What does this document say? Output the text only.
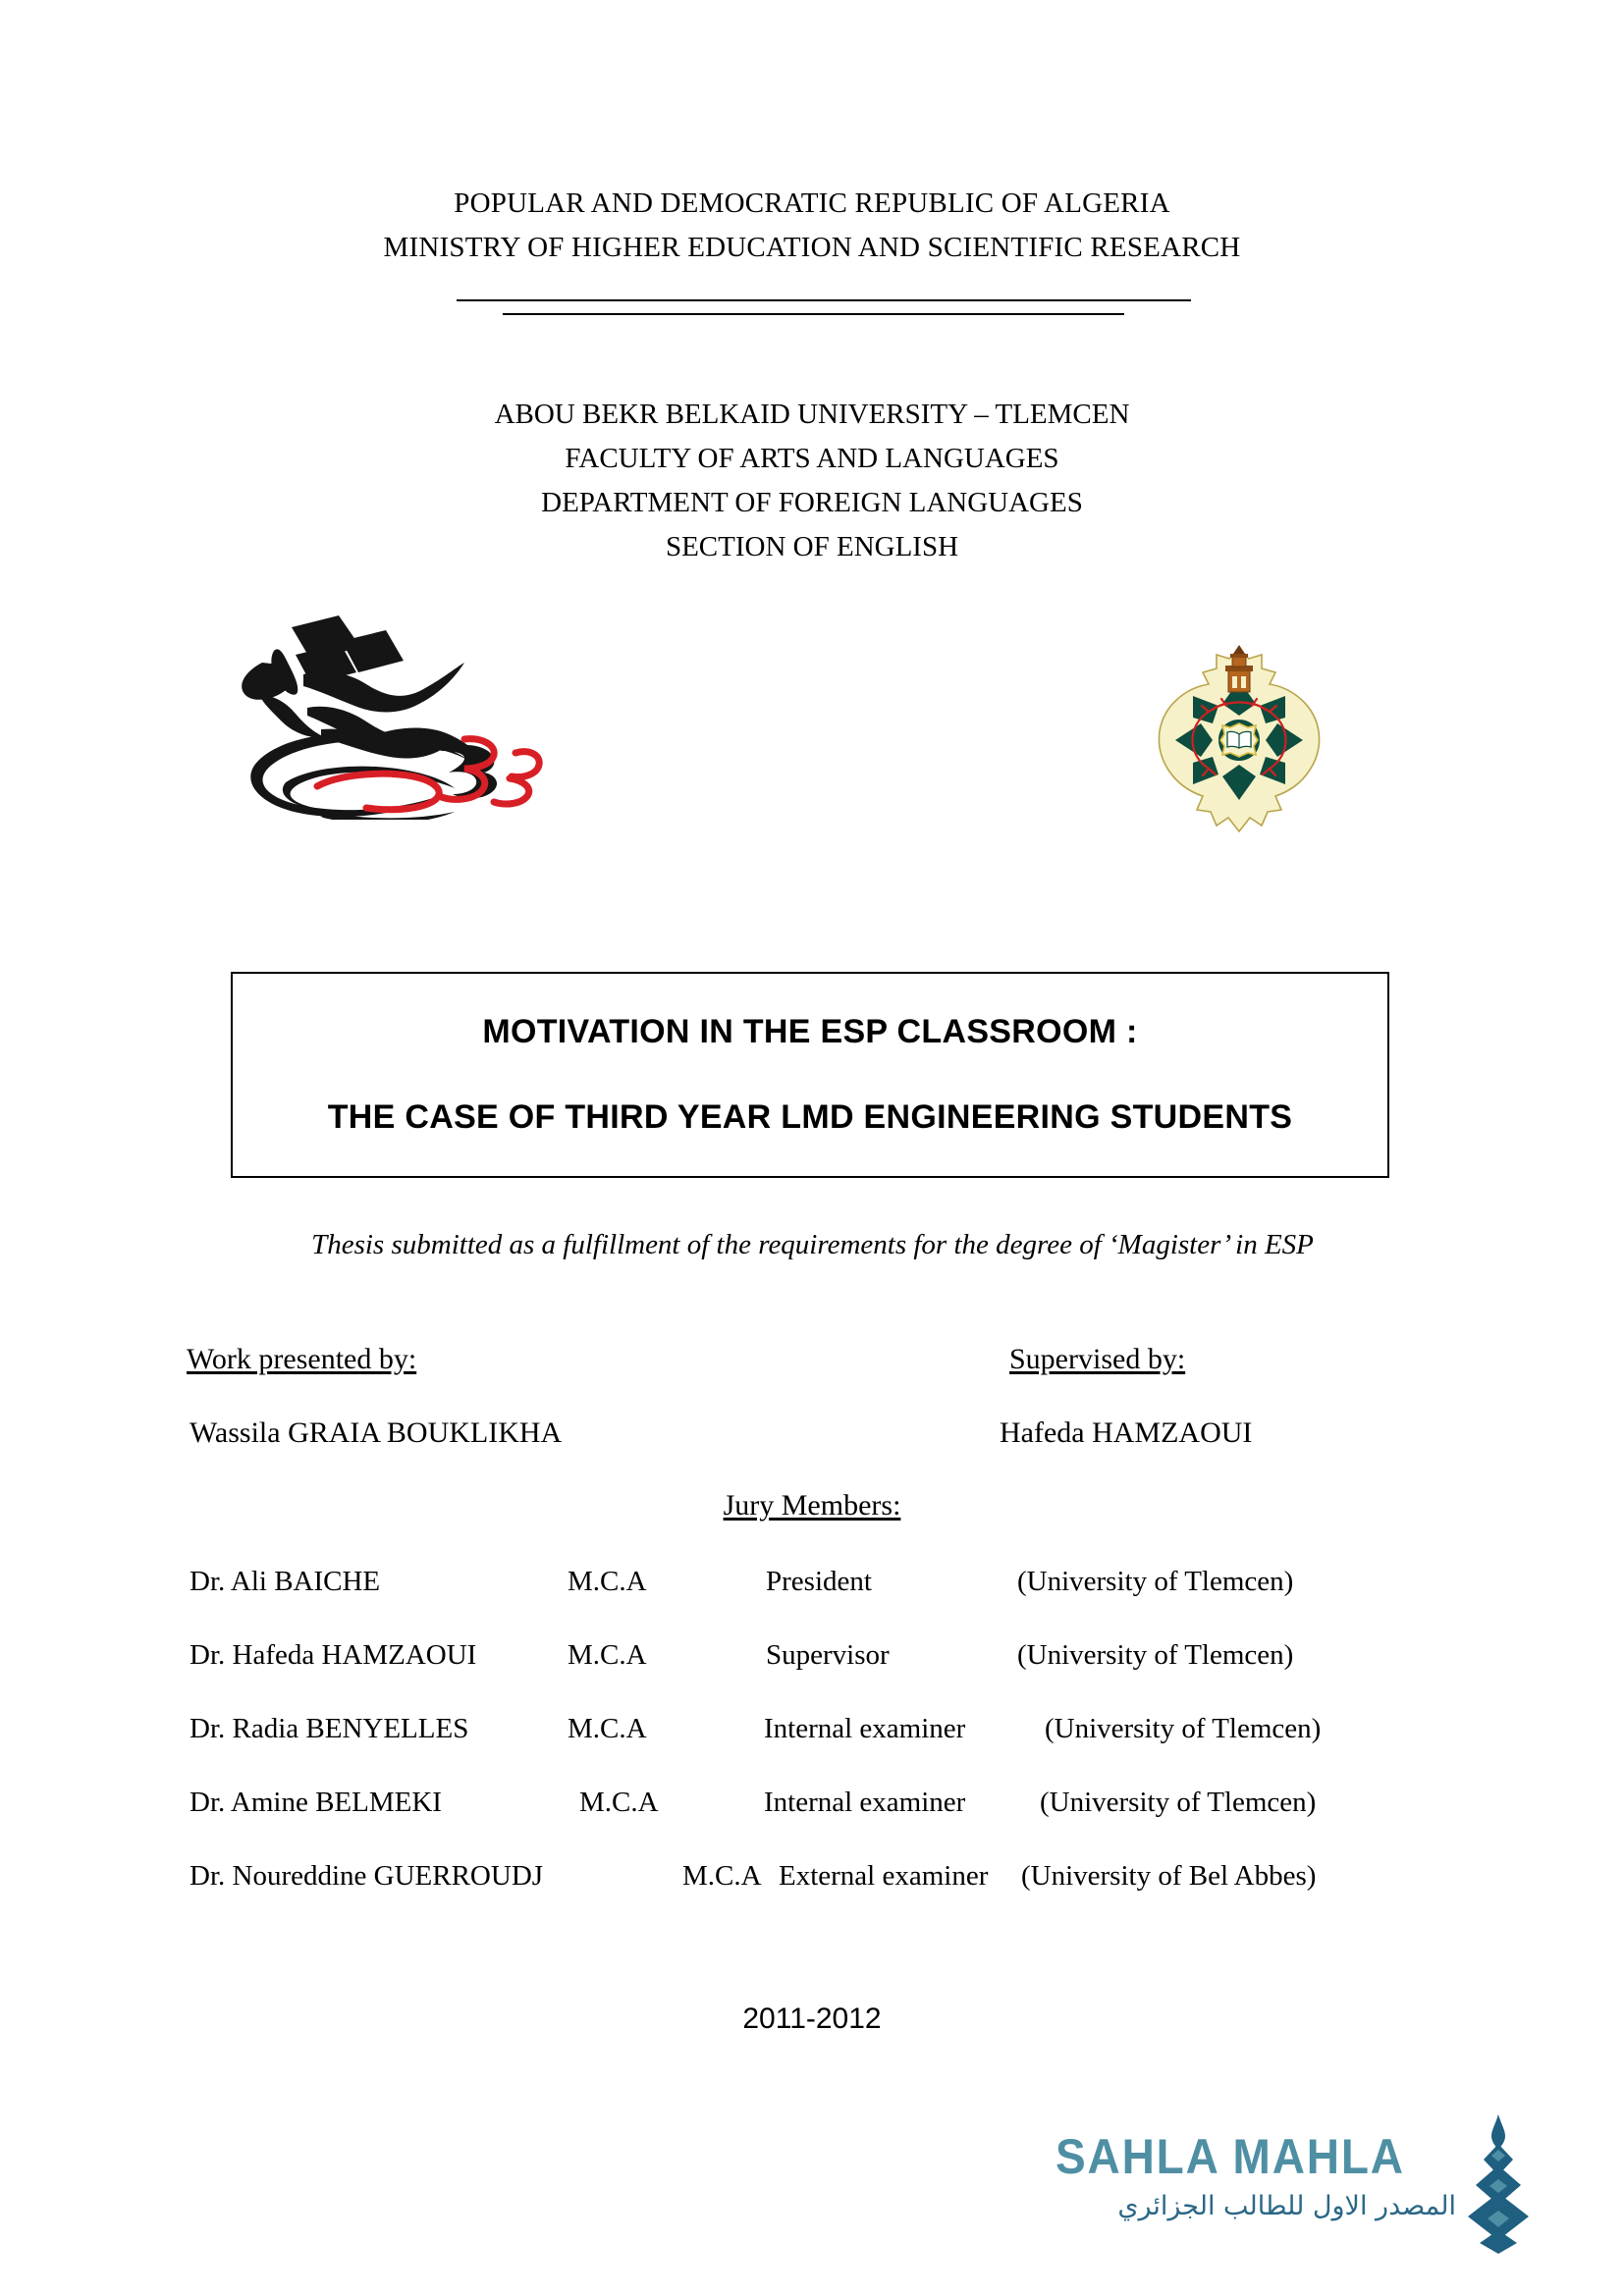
POPULAR AND DEMOCRATIC REPUBLIC OF ALGERIA
MINISTRY OF HIGHER EDUCATION AND SCIENTIFIC RESEARCH
ABOU BEKR BELKAID UNIVERSITY – TLEMCEN
FACULTY OF ARTS AND LANGUAGES
DEPARTMENT OF FOREIGN LANGUAGES
SECTION OF ENGLISH
MOTIVATION IN THE ESP CLASSROOM :
THE CASE OF THIRD YEAR LMD ENGINEERING STUDENTS
Thesis submitted as a fulfillment of the requirements for the degree of ‘Magister’ in ESP
Work presented by:	Supervised by:
Wassila GRAIA BOUKLIKHA	Hafeda HAMZAOUI
Jury Members:
Dr. Ali BAICHE	M.C.A	President	(University of Tlemcen)
Dr. Hafeda HAMZAOUI	M.C.A	Supervisor	(University of Tlemcen)
Dr. Radia BENYELLES	M.C.A	Internal examiner	(University of Tlemcen)
Dr. Amine BELMEKI	M.C.A	Internal examiner	(University of Tlemcen)
Dr. Noureddine GUERROUDJ	M.C.A External examiner (University of Bel Abbes)
2011-2012
SAHLA MAHLA
المصدر الاول للطالب الجزائري
